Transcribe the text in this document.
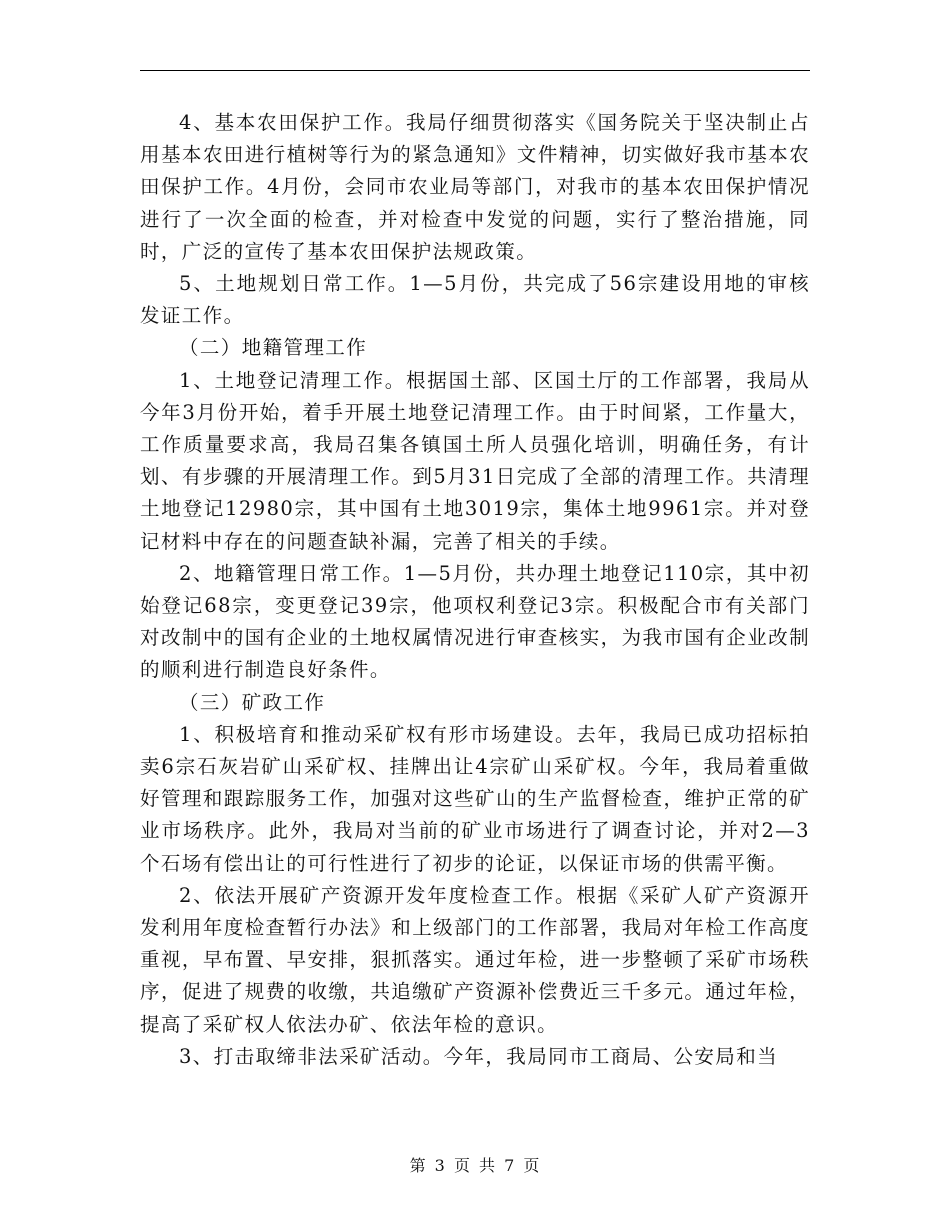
4、基本农田保护工作。我局仔细贯彻落实《国务院关于坚决制止占用基本农田进行植树等行为的紧急通知》文件精神，切实做好我市基本农田保护工作。4月份，会同市农业局等部门，对我市的基本农田保护情况进行了一次全面的检查，并对检查中发觉的问题，实行了整治措施，同时，广泛的宣传了基本农田保护法规政策。

5、土地规划日常工作。1—5月份，共完成了56宗建设用地的审核发证工作。

（二）地籍管理工作

1、土地登记清理工作。根据国土部、区国土厅的工作部署，我局从今年3月份开始，着手开展土地登记清理工作。由于时间紧，工作量大，工作质量要求高，我局召集各镇国土所人员强化培训，明确任务，有计划、有步骤的开展清理工作。到5月31日完成了全部的清理工作。共清理土地登记12980宗，其中国有土地3019宗，集体土地9961宗。并对登记材料中存在的问题查缺补漏，完善了相关的手续。

2、地籍管理日常工作。1—5月份，共办理土地登记110宗，其中初始登记68宗，变更登记39宗，他项权利登记3宗。积极配合市有关部门对改制中的国有企业的土地权属情况进行审查核实，为我市国有企业改制的顺利进行制造良好条件。

（三）矿政工作

1、积极培育和推动采矿权有形市场建设。去年，我局已成功招标拍卖6宗石灰岩矿山采矿权、挂牌出让4宗矿山采矿权。今年，我局着重做好管理和跟踪服务工作，加强对这些矿山的生产监督检查，维护正常的矿业市场秩序。此外，我局对当前的矿业市场进行了调查讨论，并对2—3 个石场有偿出让的可行性进行了初步的论证，以保证市场的供需平衡。

2、依法开展矿产资源开发年度检查工作。根据《采矿人矿产资源开发利用年度检查暂行办法》和上级部门的工作部署，我局对年检工作高度重视，早布置、早安排，狠抓落实。通过年检，进一步整顿了采矿市场秩序，促进了规费的收缴，共追缴矿产资源补偿费近三千多元。通过年检，提高了采矿权人依法办矿、依法年检的意识。

3、打击取缔非法采矿活动。今年，我局同市工商局、公安局和当

第 3 页 共 7 页
